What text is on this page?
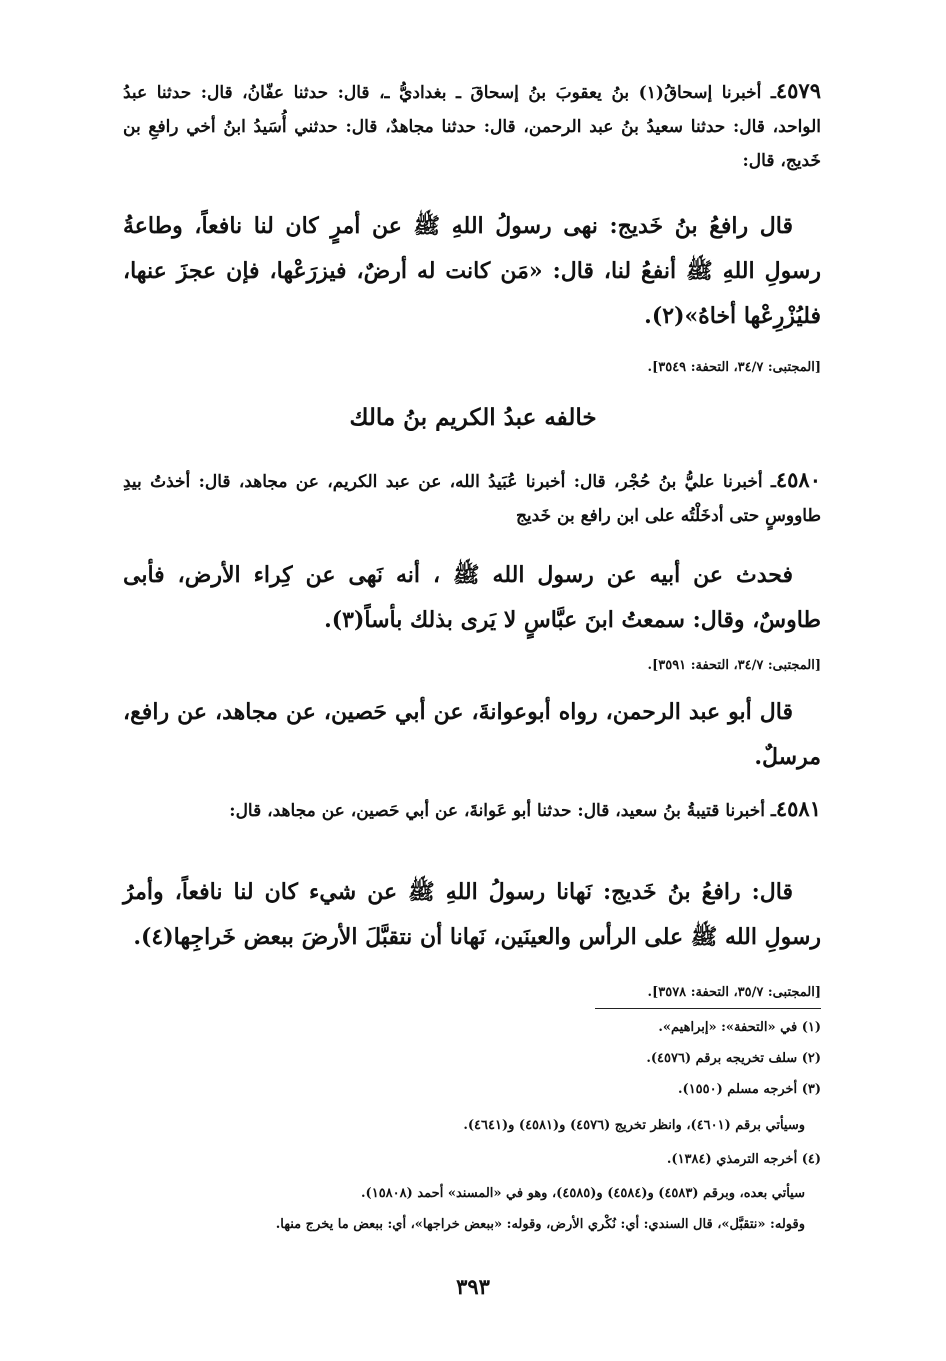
٤٥٧٩ـ أخبرنا إسحاقُ(١) بنُ يعقوبَ بنُ إسحاقَ ـ بغداديُّ ـ، قال: حدثنا عفّانُ، قال: حدثنا عبدُ الواحد، قال: حدثنا سعيدُ بنُ عبد الرحمن، قال: حدثنا مجاهدٌ، قال: حدثني أُسَيدُ ابنُ أخي رافعِ بن خَديج، قال:
قال رافعُ بنُ خَديج: نهى رسولُ اللهِ ﷺ عن أمرٍ كان لنا نافعاً، وطاعةُ رسولِ اللهِ ﷺ أنفعُ لنا، قال: «مَن كانت له أرضٌ، فيزرَعْها، فإن عجزَ عنها، فليُزْرِعْها أخاهُ»(٢).
[المجتبى: ٣٤/٧، التحفة: ٣٥٤٩].
خالفه عبدُ الكريم بنُ مالك
٤٥٨٠ـ أخبرنا عليُّ بنُ حُجْر، قال: أخبرنا عُبَيدُ الله، عن عبد الكريم، عن مجاهد، قال: أخذتُ بيدِ طاووسٍ حتى أدخَلْتُه على ابن رافع بن خَديج
فحدث عن أبيه عن رسول الله ﷺ ، أنه نَهى عن كِراء الأرض، فأبى طاوسٌ، وقال: سمعتُ ابنَ عبَّاسٍ لا يَرى بذلك بأساً(٣).
[المجتبى: ٣٤/٧، التحفة: ٣٥٩١].
قال أبو عبد الرحمن، رواه أبوعوانةَ، عن أبي حَصين، عن مجاهد، عن رافع، مرسلٌ.
٤٥٨١ـ أخبرنا قتيبةُ بنُ سعيد، قال: حدثنا أبو عَوانةَ، عن أبي حَصين، عن مجاهد، قال:
قال: رافعُ بنُ خَديج: نَهانا رسولُ اللهِ ﷺ عن شيء كان لنا نافعاً، وأمرُ رسولِ الله ﷺ على الرأس والعينَين، نَهانا أن نتقبَّلَ الأرضَ ببعض خَراجِها(٤).
[المجتبى: ٣٥/٧، التحفة: ٣٥٧٨].
(١) في «التحفة»: «إبراهيم».
(٢) سلف تخريجه برقم (٤٥٧٦).
(٣) أخرجه مسلم (١٥٥٠).
وسيأتي برقم (٤٦٠١)، وانظر تخريج (٤٥٧٦) و(٤٥٨١) و(٤٦٤١).
(٤) أخرجه الترمذي (١٣٨٤).
سيأتي بعده، وبرقم (٤٥٨٣) و(٤٥٨٤) و(٤٥٨٥)، وهو في «المسند» أحمد (١٥٨٠٨).
وقوله: «نتقبَّل»، قال السندي: أي: نُكْري الأرض، وقوله: «ببعض خراجها»، أي: ببعض ما يخرج منها.
٣٩٣
